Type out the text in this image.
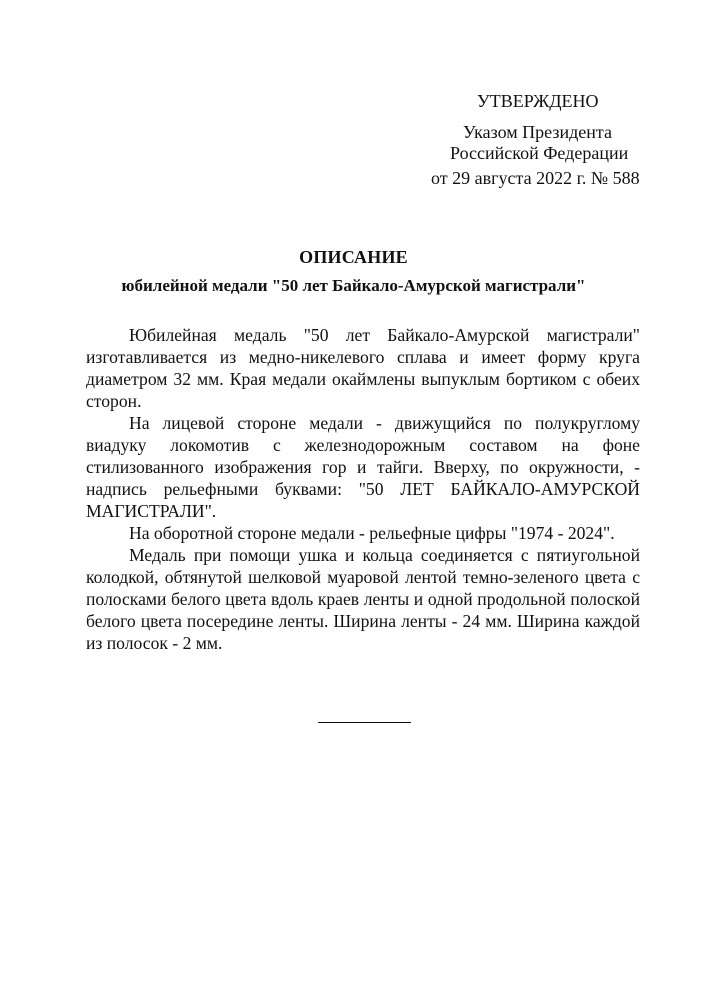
УТВЕРЖДЕНО
Указом Президента
Российской Федерации
от 29 августа 2022 г. № 588
ОПИСАНИЕ
юбилейной медали "50 лет Байкало-Амурской магистрали"

Юбилейная медаль "50 лет Байкало-Амурской магистрали" изготавливается из медно-никелевого сплава и имеет форму круга диаметром 32 мм. Края медали окаймлены выпуклым бортиком с обеих сторон.

На лицевой стороне медали - движущийся по полукруглому виадуку локомотив с железнодорожным составом на фоне стилизованного изображения гор и тайги. Вверху, по окружности, - надпись рельефными буквами: "50 ЛЕТ БАЙКАЛО-АМУРСКОЙ МАГИСТРАЛИ".

На оборотной стороне медали - рельефные цифры "1974 - 2024".

Медаль при помощи ушка и кольца соединяется с пятиугольной колодкой, обтянутой шелковой муаровой лентой темно-зеленого цвета с полосками белого цвета вдоль краев ленты и одной продольной полоской белого цвета посередине ленты. Ширина ленты - 24 мм. Ширина каждой из полосок - 2 мм.
